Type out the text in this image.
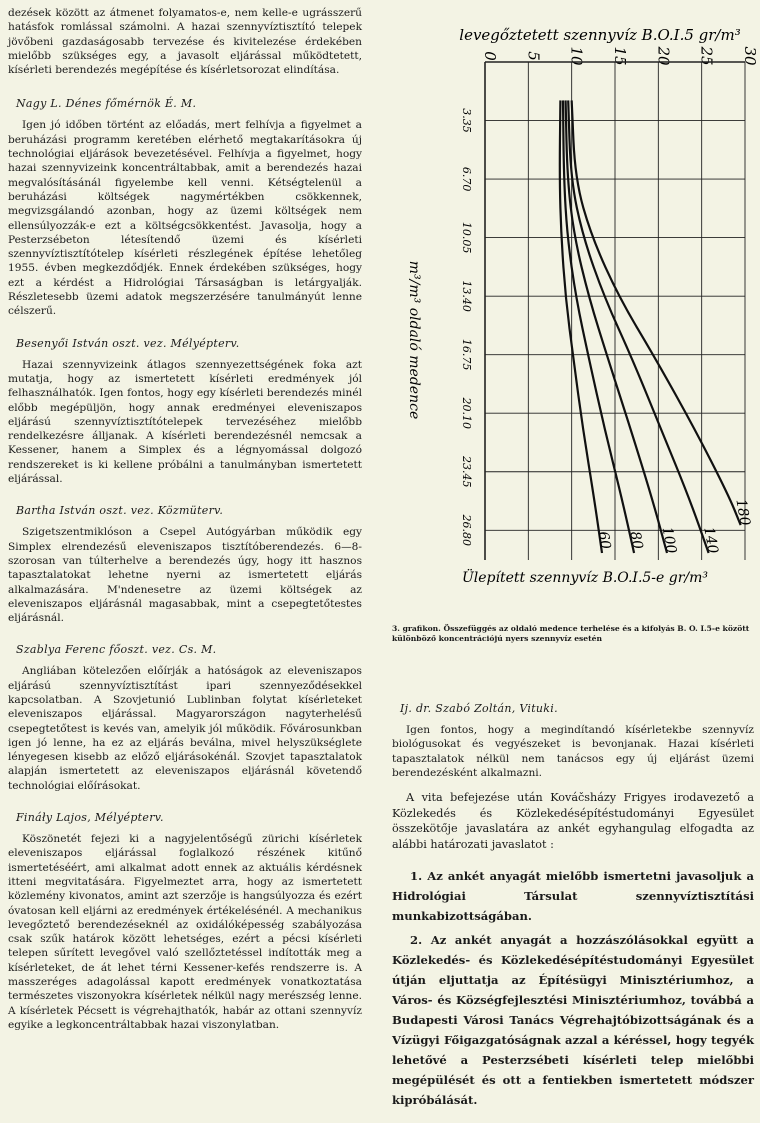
dezések között az átmenet folyamatos-e, nem kelle-e ugrásszerű hatásfok romlással számolni. A hazai szennyvíztisztító telepek jövőbeni gazdaságosabb tervezése és kivitelezése érdekében mielőbb szükséges egy, a javasolt eljárással működtetett, kísérleti berendezés megépítése és kísérletsorozat elindítása.

Nagy L. Dénes főmérnök É. M.

Igen jó időben történt az előadás, mert felhívja a figyelmet a beruházási programm keretében elérhető megtakarításokra új technológiai eljárások bevezetésével. Felhívja a figyelmet, hogy hazai szennyvizeink koncentráltabbak, amit a berendezés hazai megvalósításánál figyelembe kell venni. Kétségtelenül a beruházási költségek nagymértékben csökkennek, megvizsgálandó azonban, hogy az üzemi költségek nem ellensúlyozzák-e ezt a költségcsökkentést. Javasolja, hogy a Pesterzsébeton létesítendő üzemi és kísérleti szennyvíztisztítótelep kísérleti részlegének építése lehetőleg 1955. évben megkezdődjék. Ennek érdekében szükséges, hogy ezt a kérdést a Hidrológiai Társaságban is letárgyalják. Részletesebb üzemi adatok megszerzésére tanulmányút lenne célszerű.

Besenyői István oszt. vez. Mélyépterv.

Hazai szennyvizeink átlagos szennyezettségének foka azt mutatja, hogy az ismertetett kísérleti eredmények jól felhasználhatók. Igen fontos, hogy egy kísérleti berendezés minél előbb megépüljön, hogy annak eredményei eleveniszapos eljárású szennyvíztisztítótelepek tervezéséhez mielőbb rendelkezésre álljanak. A kísérleti berendezésnél nemcsak a Kessener, hanem a Simplex és a légnyomással dolgozó rendszereket is ki kellene próbálni a tanulmányban ismertetett eljárással.

Bartha István oszt. vez. Közmüterv.

Szigetszentmiklóson a Csepel Autógyárban működik egy Simplex elrendezésű eleveniszapos tisztítóberendezés. 6—8-szorosan van túlterhelve a berendezés úgy, hogy itt hasznos tapasztalatokat lehetne nyerni az ismertetett eljárás alkalmazására. M'ndenesetre az üzemi költségek az eleveniszapos eljárásnál magasabbak, mint a csepegtetőtestes eljárásnál.

Szablya Ferenc főoszt. vez. Cs. M.

Angliában kötelezően előírják a hatóságok az eleveniszapos eljárású szennyvíztisztítást ipari szennyeződésekkel kapcsolatban. A Szovjetunió Lublinban folytat kísérleteket eleveniszapos eljárással. Magyarországon nagyterhelésű csepegtetőtest is kevés van, amelyik jól működik. Fővárosunkban igen jó lenne, ha ez az eljárás beválna, mivel helyszükséglete lényegesen kisebb az előző eljárásokénál. Szovjet tapasztalatok alapján ismertetett az eleveniszapos eljárásnál követendő technológiai előírásokat.

Fináły Lajos, Mélyépterv.

Köszönetét fejezi ki a nagyjelentőségű zürichi kísérletek eleveniszapos eljárással foglalkozó részének kitűnő ismertetéséért, ami alkalmat adott ennek az aktuális kérdésnek itteni megvitatására. Figyelmeztet arra, hogy az ismertetett közlemény kivonatos, amint azt szerzője is hangsúlyozza és ezért óvatosan kell eljárni az eredmények értékelésénél. A mechanikus levegőztető berendezéseknél az oxidálóképesség szabályozása csak szűk határok között lehetséges, ezért a pécsi kísérleti telepen sűrített levegővel való szellőztetéssel indították meg a kísérleteket, de át lehet térni Kessener-kefés rendszerre is. A masszeréges adagolással kapott eredmények vonatkoztatása természetes viszonyokra kísérletek nélkül nagy merészség lenne. A kísérletek Pécsett is végrehajthatók, habár az ottani szennyvíz egyike a legkoncentráltabbak hazai viszonylatban.

levegőztetett szennyvíz B.O.I.5 gr/m³
m³/m³ oldaló medence
Ülepített szennyvíz B.O.I.5-e gr/m³
0 5 10 15 20 25 30
3.35
6.70
10.05
13.40
16.75
20.10
23.45
26.80	60 80 100 140
180
3. grafikon. Összefüggés az oldaló medence terhelése és a kifolyás B. O. I.5-e között különböző koncentrációjú nyers szennyvíz esetén
Ij. dr. Szabó Zoltán, Vituki.

Igen fontos, hogy a megindítandó kísérletekbe szennyvíz biológusokat és vegyészeket is bevonjanak. Hazai kísérleti tapasztalatok nélkül nem tanácsos egy új eljárást üzemi berendezésként alkalmazni.

A vita befejezése után Kováčsházy Frigyes irodavezető a Közlekedés és Közlekedésépítéstudományi Egyesület összekötője javaslatára az ankét egyhangulag elfogadta az alábbi határozati javaslatot :

1. Az ankét anyagát mielőbb ismertetni javasoljuk a Hidrológiai Társulat szennyvíztisztítási munkabizottságában.

2. Az ankét anyagát a hozzászólásokkal együtt a Közlekedés- és Közlekedésépítéstudományi Egyesület útján eljuttatja az Építésügyi Minisztériumhoz, a Város- és Községfejlesztési Minisztériumhoz, továbbá a Budapesti Városi Tanács Végrehajtóbizottságának és a Vízügyi Főigazgatóságnak azzal a kéréssel, hogy tegyék lehetővé a Pesterzsébeti kísérleti telep mielőbbi megépülését és ott a fentiekben ismertetett módszer kipróbálását.
